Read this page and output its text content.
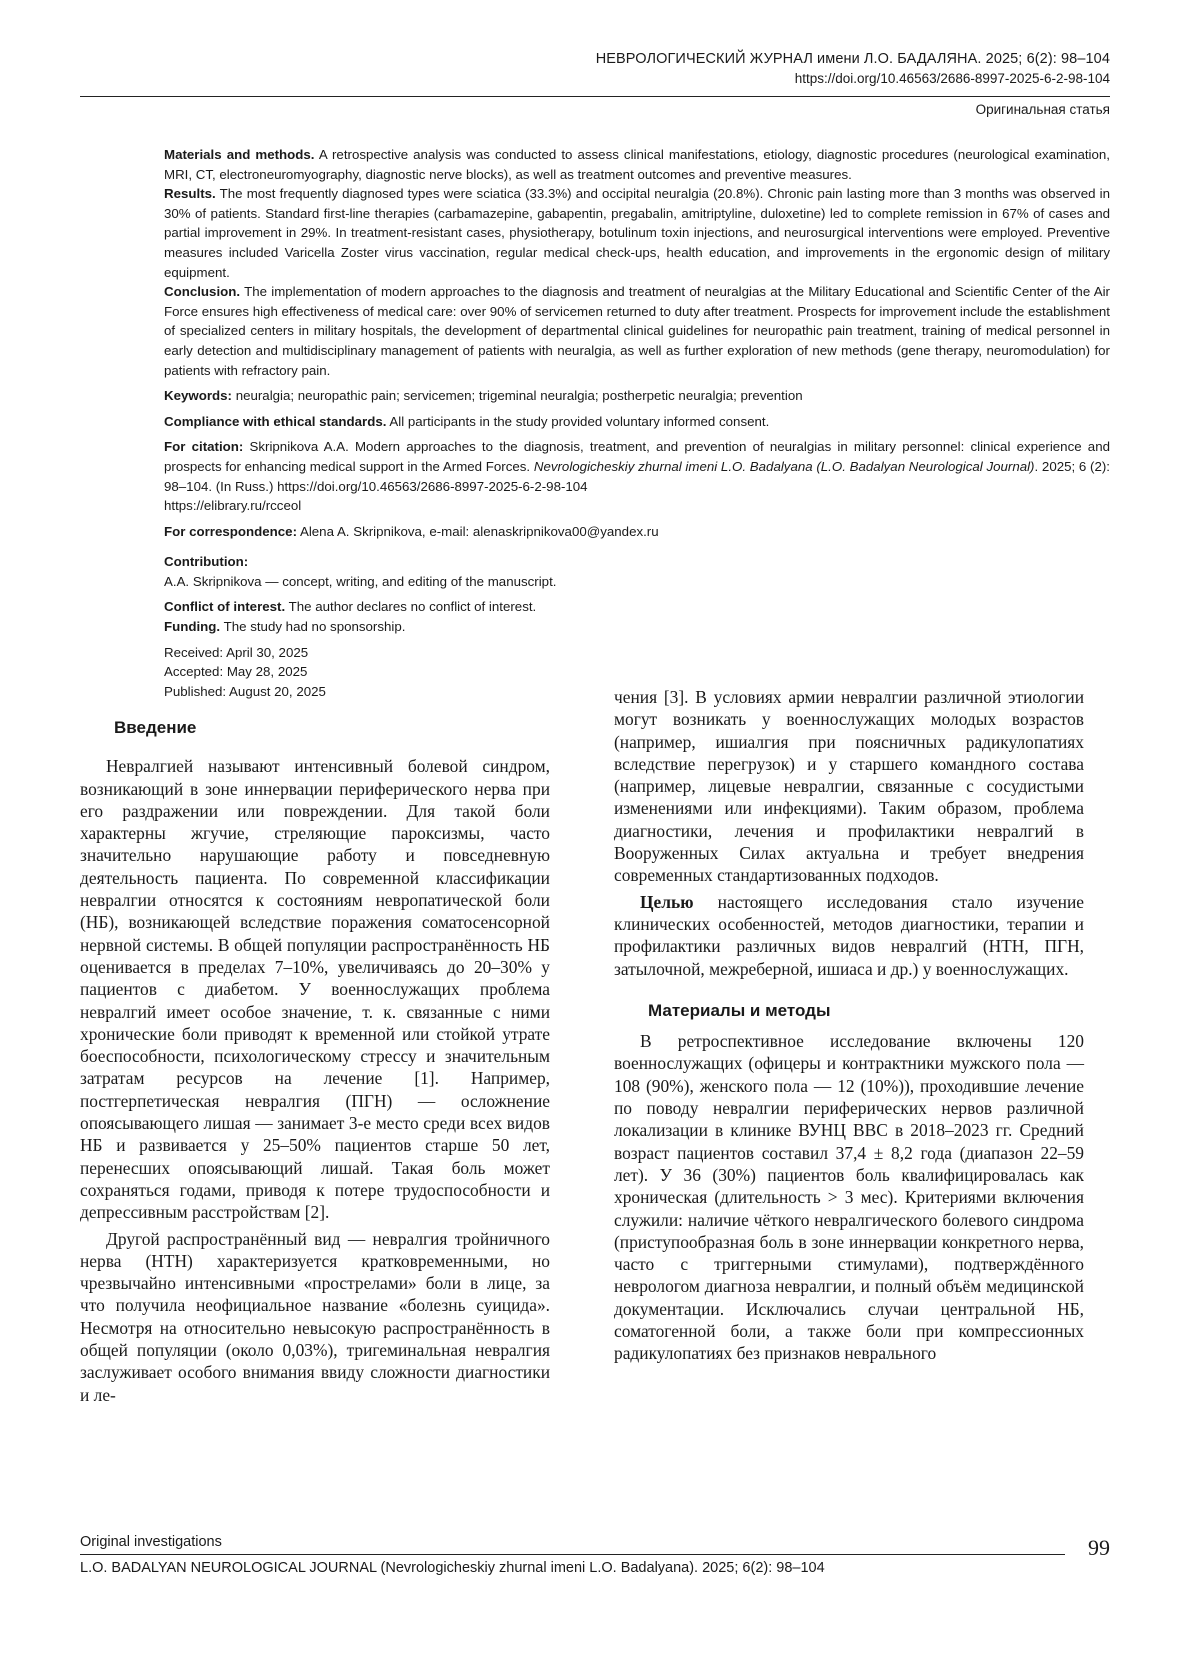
НЕВРОЛОГИЧЕСКИЙ ЖУРНАЛ имени Л.О. БАДАЛЯНА. 2025; 6(2): 98–104
https://doi.org/10.46563/2686-8997-2025-6-2-98-104
Оригинальная статья

Materials and methods. A retrospective analysis was conducted to assess clinical manifestations, etiology, diagnostic procedures (neurological examination, MRI, CT, electroneuromyography, diagnostic nerve blocks), as well as treatment outcomes and preventive measures.

Results. The most frequently diagnosed types were sciatica (33.3%) and occipital neuralgia (20.8%). Chronic pain lasting more than 3 months was observed in 30% of patients. Standard first-line therapies (carbamazepine, gabapentin, pregabalin, amitriptyline, duloxetine) led to complete remission in 67% of cases and partial improvement in 29%. In treatment-resistant cases, physiotherapy, botulinum toxin injections, and neurosurgical interventions were employed. Preventive measures included Varicella Zoster virus vaccination, regular medical check-ups, health education, and improvements in the ergonomic design of military equipment.

Conclusion. The implementation of modern approaches to the diagnosis and treatment of neuralgias at the Military Educational and Scientific Center of the Air Force ensures high effectiveness of medical care: over 90% of servicemen returned to duty after treatment. Prospects for improvement include the establishment of specialized centers in military hospitals, the development of departmental clinical guidelines for neuropathic pain treatment, training of medical personnel in early detection and multidisciplinary management of patients with neuralgia, as well as further exploration of new methods (gene therapy, neuromodulation) for patients with refractory pain.

Keywords: neuralgia; neuropathic pain; servicemen; trigeminal neuralgia; postherpetic neuralgia; prevention

Compliance with ethical standards. All participants in the study provided voluntary informed consent.

For citation: Skripnikova A.A. Modern approaches to the diagnosis, treatment, and prevention of neuralgias in military personnel: clinical experience and prospects for enhancing medical support in the Armed Forces. Nevrologicheskiy zhurnal imeni L.O. Badalyana (L.O. Badalyan Neurological Journal). 2025; 6 (2): 98–104. (In Russ.) https://doi.org/10.46563/2686-8997-2025-6-2-98-104
https://elibrary.ru/rcceol

For correspondence: Alena A. Skripnikova, e-mail: alenaskripnikova00@yandex.ru

Contribution:
A.A. Skripnikova — concept, writing, and editing of the manuscript.

Conflict of interest. The author declares no conflict of interest.

Funding. The study had no sponsorship.

Received: April 30, 2025

Accepted: May 28, 2025

Published: August 20, 2025

Введение

Невралгией называют интенсивный болевой синдром, возникающий в зоне иннервации периферического нерва при его раздражении или повреждении. Для такой боли характерны жгучие, стреляющие пароксизмы, часто значительно нарушающие работу и повседневную деятельность пациента. По современной классификации невралгии относятся к состояниям невропатической боли (НБ), возникающей вследствие поражения соматосенсорной нервной системы. В общей популяции распространённость НБ оценивается в пределах 7–10%, увеличиваясь до 20–30% у пациентов с диабетом. У военнослужащих проблема невралгий имеет особое значение, т. к. связанные с ними хронические боли приводят к временной или стойкой утрате боеспособности, психологическому стрессу и значительным затратам ресурсов на лечение [1]. Например, постгерпетическая невралгия (ПГН) — осложнение опоясывающего лишая — занимает 3-е место среди всех видов НБ и развивается у 25–50% пациентов старше 50 лет, перенесших опоясывающий лишай. Такая боль может сохраняться годами, приводя к потере трудоспособности и депрессивным расстройствам [2].

Другой распространённый вид — невралгия тройничного нерва (НТН) характеризуется кратковременными, но чрезвычайно интенсивными «прострелами» боли в лице, за что получила неофициальное название «болезнь суицида». Несмотря на относительно невысокую распространённость в общей популяции (около 0,03%), тригеминальная невралгия заслуживает особого внимания ввиду сложности диагностики и ле-

чения [3]. В условиях армии невралгии различной этиологии могут возникать у военнослужащих молодых возрастов (например, ишиалгия при поясничных радикулопатиях вследствие перегрузок) и у старшего командного состава (например, лицевые невралгии, связанные с сосудистыми изменениями или инфекциями). Таким образом, проблема диагностики, лечения и профилактики невралгий в Вооруженных Силах актуальна и требует внедрения современных стандартизованных подходов.

Целью настоящего исследования стало изучение клинических особенностей, методов диагностики, терапии и профилактики различных видов невралгий (НТН, ПГН, затылочной, межреберной, ишиаса и др.) у военнослужащих.

Материалы и методы

В ретроспективное исследование включены 120 военнослужащих (офицеры и контрактники мужского пола — 108 (90%), женского пола — 12 (10%)), проходившие лечение по поводу невралгии периферических нервов различной локализации в клинике ВУНЦ ВВС в 2018–2023 гг. Средний возраст пациентов составил 37,4 ± 8,2 года (диапазон 22–59 лет). У 36 (30%) пациентов боль квалифицировалась как хроническая (длительность > 3 мес). Критериями включения служили: наличие чёткого невралгического болевого синдрома (приступообразная боль в зоне иннервации конкретного нерва, часто с триггерными стимулами), подтверждённого неврологом диагноза невралгии, и полный объём медицинской документации. Исключались случаи центральной НБ, соматогенной боли, а также боли при компрессионных радикулопатиях без признаков неврального

Original investigations	99
L.O. BADALYAN NEUROLOGICAL JOURNAL (Nevrologicheskiy zhurnal imeni L.O. Badalyana). 2025; 6(2): 98–104
